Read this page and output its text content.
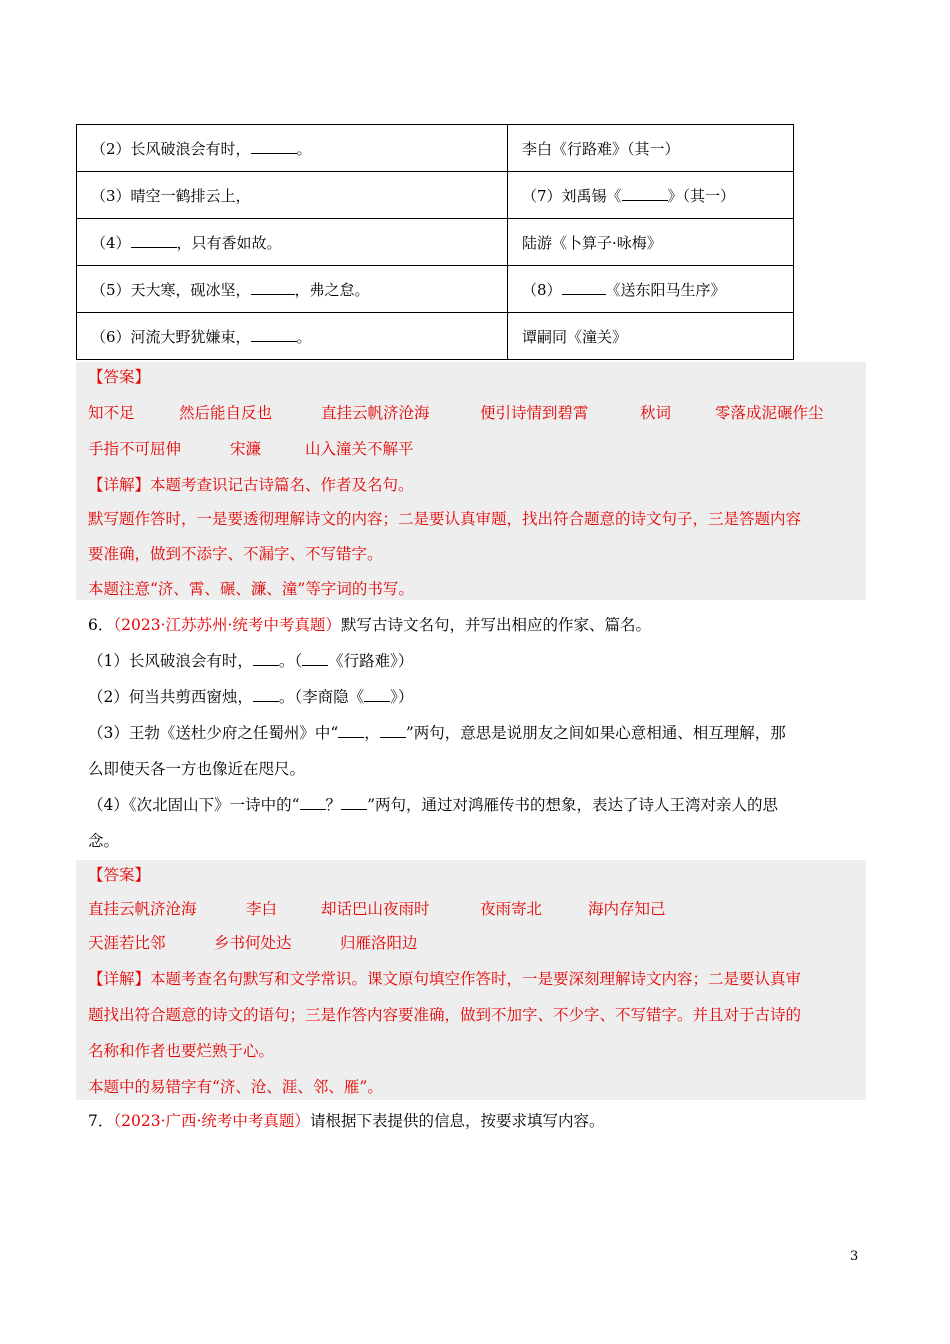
（2）长风破浪会有时， 。	李白《行路难》（其一）
（3）晴空一鹤排云上，	（7）刘禹锡《 》（其一）
（4） ，只有香如故。	陆游《卜算子·咏梅》
（5）天大寒，砚冰坚， ，弗之怠。	（8） 《送东阳马生序》
（6）河流大野犹嫌束， 。	谭嗣同《潼关》
【答案】
知不足	然后能自反也	直挂云帆济沧海	便引诗情到碧霄	秋词	零落成泥碾作尘
手指不可屈伸	宋濂	山入潼关不解平
【详解】本题考查识记古诗篇名、作者及名句。
默写题作答时，一是要透彻理解诗文的内容；二是要认真审题，找出符合题意的诗文句子，三是答题内容
要准确，做到不添字、不漏字、不写错字。
本题注意“济、霄、碾、濂、潼”等字词的书写。
6．（2023·江苏苏州·统考中考真题）默写古诗文名句，并写出相应的作家、篇名。
（1）长风破浪会有时， 。（ 《行路难》）
（2）何当共剪西窗烛， 。（李商隐《 》）
（3）王勃《送杜少府之任蜀州》中“ ， ”两句，意思是说朋友之间如果心意相通、相互理解，那
么即使天各一方也像近在咫尺。
（4）《次北固山下》一诗中的“ ？ ”两句，通过对鸿雁传书的想象，表达了诗人王湾对亲人的思
念。
【答案】
直挂云帆济沧海	李白	却话巴山夜雨时	夜雨寄北	海内存知己
天涯若比邻	乡书何处达	归雁洛阳边
【详解】本题考查名句默写和文学常识。课文原句填空作答时，一是要深刻理解诗文内容；二是要认真审
题找出符合题意的诗文的语句；三是作答内容要准确，做到不加字、不少字、不写错字。并且对于古诗的
名称和作者也要烂熟于心。
本题中的易错字有“济、沧、涯、邻、雁”。
7．（2023·广西·统考中考真题）请根据下表提供的信息，按要求填写内容。
3
